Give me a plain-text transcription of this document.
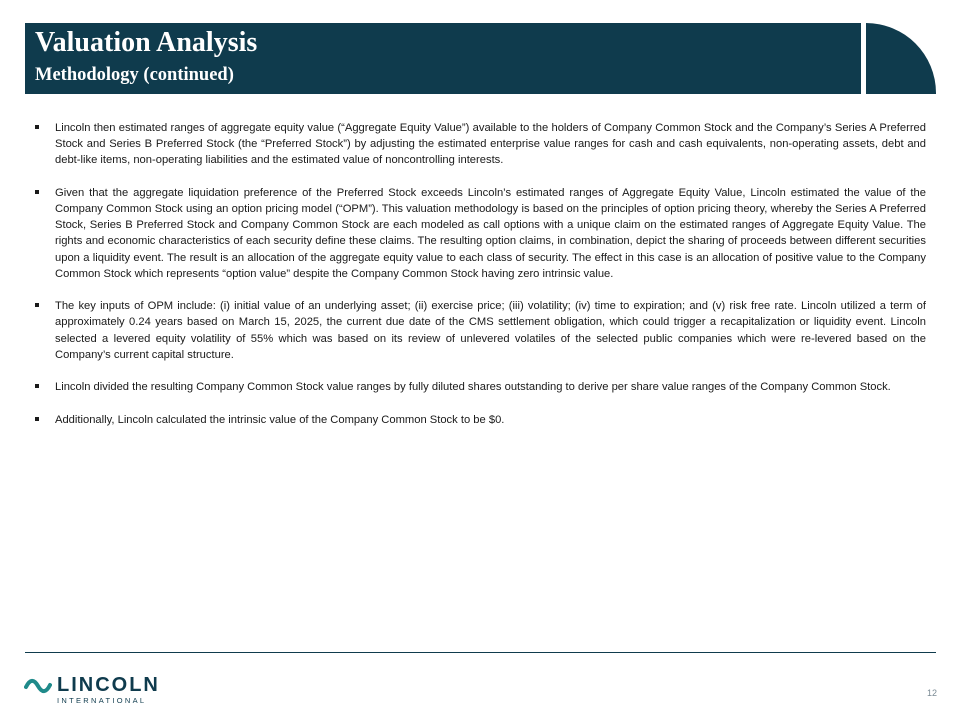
Valuation Analysis
Methodology (continued)
Lincoln then estimated ranges of aggregate equity value (“Aggregate Equity Value”) available to the holders of Company Common Stock and the Company’s Series A Preferred Stock and Series B Preferred Stock (the “Preferred Stock”) by adjusting the estimated enterprise value ranges for cash and cash equivalents, non-operating assets, debt and debt-like items, non-operating liabilities and the estimated value of noncontrolling interests.
Given that the aggregate liquidation preference of the Preferred Stock exceeds Lincoln’s estimated ranges of Aggregate Equity Value, Lincoln estimated the value of the Company Common Stock using an option pricing model (“OPM”). This valuation methodology is based on the principles of option pricing theory, whereby the Series A Preferred Stock, Series B Preferred Stock and Company Common Stock are each modeled as call options with a unique claim on the estimated ranges of Aggregate Equity Value. The rights and economic characteristics of each security define these claims. The resulting option claims, in combination, depict the sharing of proceeds between different securities upon a liquidity event. The result is an allocation of the aggregate equity value to each class of security. The effect in this case is an allocation of positive value to the Company Common Stock which represents “option value” despite the Company Common Stock having zero intrinsic value.
The key inputs of OPM include: (i) initial value of an underlying asset; (ii) exercise price; (iii) volatility; (iv) time to expiration; and (v) risk free rate. Lincoln utilized a term of approximately 0.24 years based on March 15, 2025, the current due date of the CMS settlement obligation, which could trigger a recapitalization or liquidity event. Lincoln selected a levered equity volatility of 55% which was based on its review of unlevered volatiles of the selected public companies which were re-levered based on the Company’s current capital structure.
Lincoln divided the resulting Company Common Stock value ranges by fully diluted shares outstanding to derive per share value ranges of the Company Common Stock.
Additionally, Lincoln calculated the intrinsic value of the Company Common Stock to be $0.
LINCOLN
INTERNATIONAL
12
